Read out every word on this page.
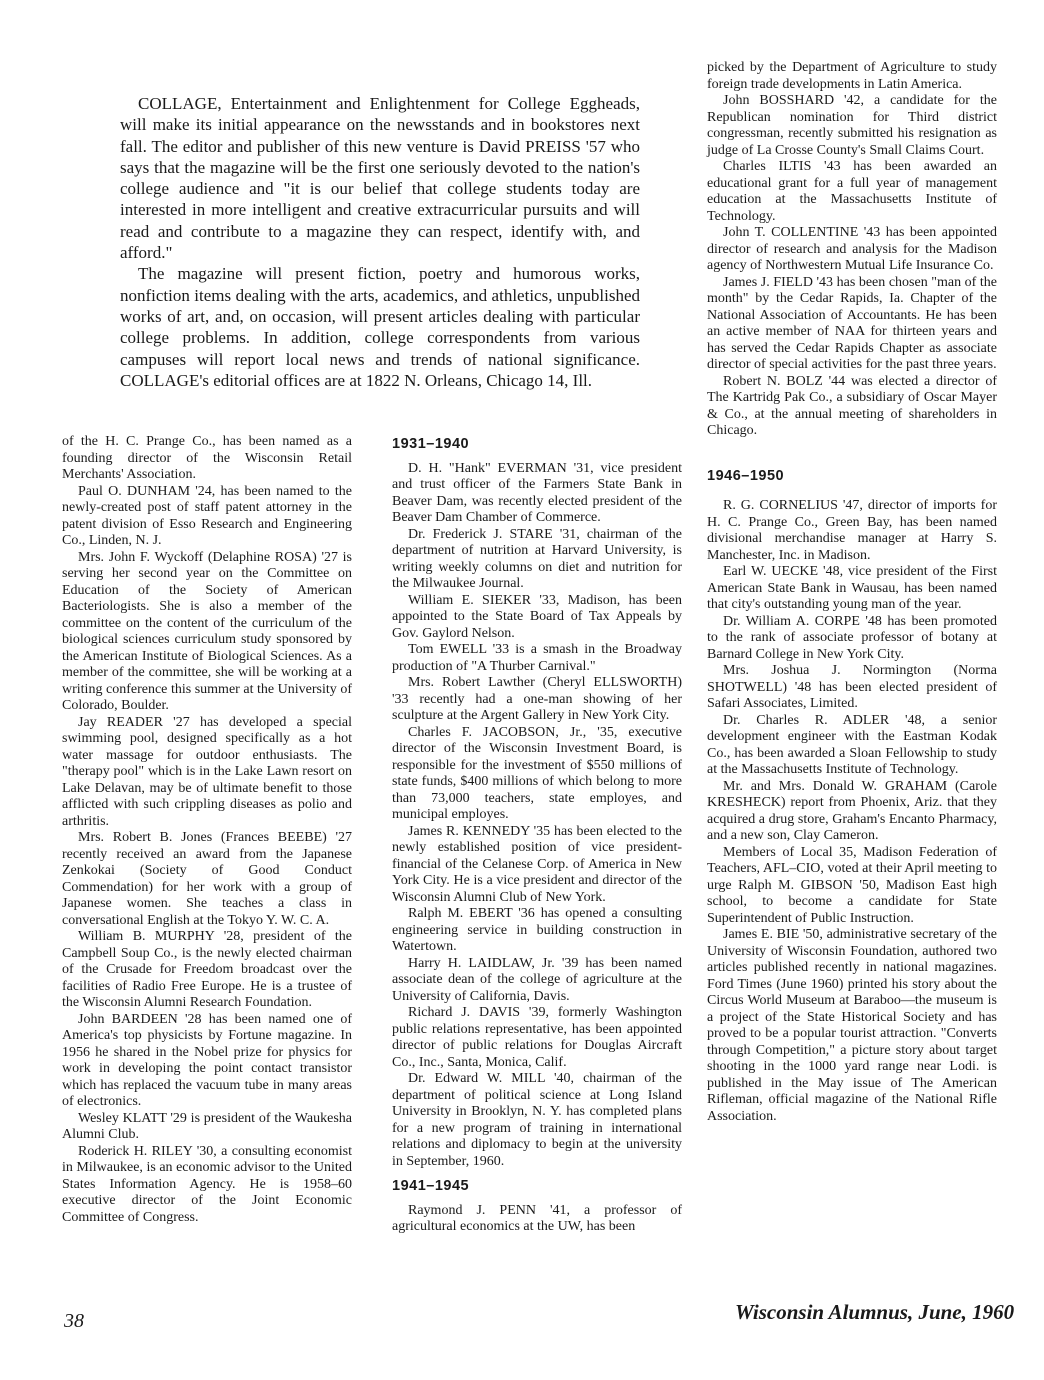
COLLAGE, Entertainment and Enlightenment for College Eggheads, will make its initial appearance on the newsstands and in bookstores next fall. The editor and publisher of this new venture is David PREISS '57 who says that the magazine will be the first one seriously devoted to the nation's college audience and "it is our belief that college students today are interested in more intelligent and creative extracurricular pursuits and will read and contribute to a magazine they can respect, identify with, and afford."

The magazine will present fiction, poetry and humorous works, nonfiction items dealing with the arts, academics, and athletics, unpublished works of art, and, on occasion, will present articles dealing with particular college problems. In addition, college correspondents from various campuses will report local news and trends of national significance. COLLAGE's editorial offices are at 1822 N. Orleans, Chicago 14, Ill.

of the H. C. Prange Co., has been named as a founding director of the Wisconsin Retail Merchants' Association.

Paul O. DUNHAM '24, has been named to the newly-created post of staff patent attorney in the patent division of Esso Research and Engineering Co., Linden, N. J.

Mrs. John F. Wyckoff (Delaphine ROSA) '27 is serving her second year on the Committee on Education of the Society of American Bacteriologists. She is also a member of the committee on the content of the curriculum of the biological sciences curriculum study sponsored by the American Institute of Biological Sciences. As a member of the committee, she will be working at a writing conference this summer at the University of Colorado, Boulder.

Jay READER '27 has developed a special swimming pool, designed specifically as a hot water massage for outdoor enthusiasts. The "therapy pool" which is in the Lake Lawn resort on Lake Delavan, may be of ultimate benefit to those afflicted with such crippling diseases as polio and arthritis.

Mrs. Robert B. Jones (Frances BEEBE) '27 recently received an award from the Japanese Zenkokai (Society of Good Conduct Commendation) for her work with a group of Japanese women. She teaches a class in conversational English at the Tokyo Y. W. C. A.

William B. MURPHY '28, president of the Campbell Soup Co., is the newly elected chairman of the Crusade for Freedom broadcast over the facilities of Radio Free Europe. He is a trustee of the Wisconsin Alumni Research Foundation.

John BARDEEN '28 has been named one of America's top physicists by Fortune magazine. In 1956 he shared in the Nobel prize for physics for work in developing the point contact transistor which has replaced the vacuum tube in many areas of electronics.

Wesley KLATT '29 is president of the Waukesha Alumni Club.

Roderick H. RILEY '30, a consulting economist in Milwaukee, is an economic advisor to the United States Information Agency. He is 1958–60 executive director of the Joint Economic Committee of Congress.

1931–1940

D. H. "Hank" EVERMAN '31, vice president and trust officer of the Farmers State Bank in Beaver Dam, was recently elected president of the Beaver Dam Chamber of Commerce.

Dr. Frederick J. STARE '31, chairman of the department of nutrition at Harvard University, is writing weekly columns on diet and nutrition for the Milwaukee Journal.

William E. SIEKER '33, Madison, has been appointed to the State Board of Tax Appeals by Gov. Gaylord Nelson.

Tom EWELL '33 is a smash in the Broadway production of "A Thurber Carnival."

Mrs. Robert Lawther (Cheryl ELLSWORTH) '33 recently had a one-man showing of her sculpture at the Argent Gallery in New York City.

Charles F. JACOBSON, Jr., '35, executive director of the Wisconsin Investment Board, is responsible for the investment of $550 millions of state funds, $400 millions of which belong to more than 73,000 teachers, state employes, and municipal employes.

James R. KENNEDY '35 has been elected to the newly established position of vice president-financial of the Celanese Corp. of America in New York City. He is a vice president and director of the Wisconsin Alumni Club of New York.

Ralph M. EBERT '36 has opened a consulting engineering service in building construction in Watertown.

Harry H. LAIDLAW, Jr. '39 has been named associate dean of the college of agriculture at the University of California, Davis.

Richard J. DAVIS '39, formerly Washington public relations representative, has been appointed director of public relations for Douglas Aircraft Co., Inc., Santa, Monica, Calif.

Dr. Edward W. MILL '40, chairman of the department of political science at Long Island University in Brooklyn, N. Y. has completed plans for a new program of training in international relations and diplomacy to begin at the university in September, 1960.

1941–1945

Raymond J. PENN '41, a professor of agricultural economics at the UW, has been

picked by the Department of Agriculture to study foreign trade developments in Latin America.

John BOSSHARD '42, a candidate for the Republican nomination for Third district congressman, recently submitted his resignation as judge of La Crosse County's Small Claims Court.

Charles ILTIS '43 has been awarded an educational grant for a full year of management education at the Massachusetts Institute of Technology.

John T. COLLENTINE '43 has been appointed director of research and analysis for the Madison agency of Northwestern Mutual Life Insurance Co.

James J. FIELD '43 has been chosen "man of the month" by the Cedar Rapids, Ia. Chapter of the National Association of Accountants. He has been an active member of NAA for thirteen years and has served the Cedar Rapids Chapter as associate director of special activities for the past three years.

Robert N. BOLZ '44 was elected a director of The Kartridg Pak Co., a subsidiary of Oscar Mayer & Co., at the annual meeting of shareholders in Chicago.

1946–1950

R. G. CORNELIUS '47, director of imports for H. C. Prange Co., Green Bay, has been named divisional merchandise manager at Harry S. Manchester, Inc. in Madison.

Earl W. UECKE '48, vice president of the First American State Bank in Wausau, has been named that city's outstanding young man of the year.

Dr. William A. CORPE '48 has been promoted to the rank of associate professor of botany at Barnard College in New York City.

Mrs. Joshua J. Normington (Norma SHOTWELL) '48 has been elected president of Safari Associates, Limited.

Dr. Charles R. ADLER '48, a senior development engineer with the Eastman Kodak Co., has been awarded a Sloan Fellowship to study at the Massachusetts Institute of Technology.

Mr. and Mrs. Donald W. GRAHAM (Carole KRESHECK) report from Phoenix, Ariz. that they acquired a drug store, Graham's Encanto Pharmacy, and a new son, Clay Cameron.

Members of Local 35, Madison Federation of Teachers, AFL–CIO, voted at their April meeting to urge Ralph M. GIBSON '50, Madison East high school, to become a candidate for State Superintendent of Public Instruction.

James E. BIE '50, administrative secretary of the University of Wisconsin Foundation, authored two articles published recently in national magazines. Ford Times (June 1960) printed his story about the Circus World Museum at Baraboo—the museum is a project of the State Historical Society and has proved to be a popular tourist attraction. "Converts through Competition," a picture story about target shooting in the 1000 yard range near Lodi. is published in the May issue of The American Rifleman, official magazine of the National Rifle Association.

38	Wisconsin Alumnus, June, 1960
